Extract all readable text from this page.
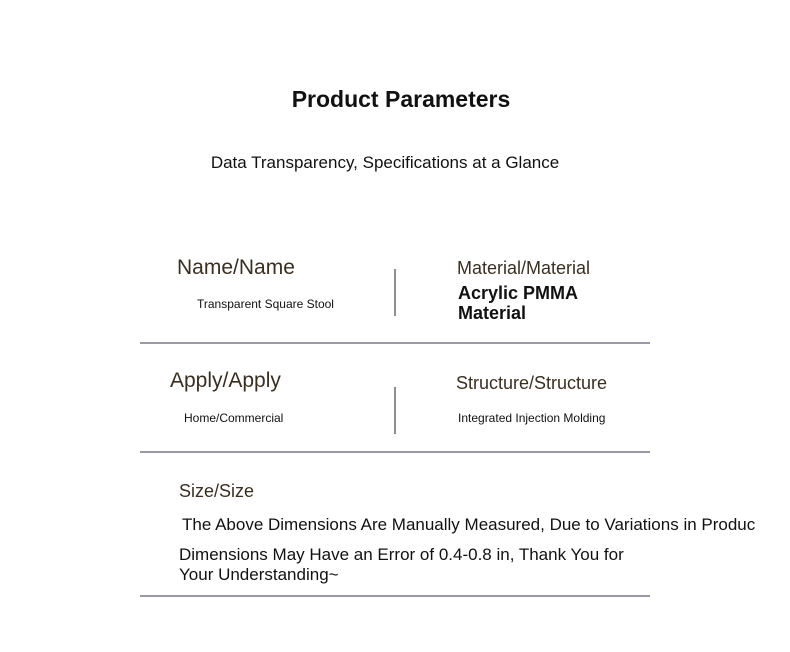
Product Parameters
Data Transparency, Specifications at a Glance
Name/Name
Transparent Square Stool
Material/Material
Acrylic PMMA
Material
Apply/Apply
Home/Commercial
Structure/Structure
Integrated Injection Molding
Size/Size
The Above Dimensions Are Manually Measured, Due to Variations in Produc
Dimensions May Have an Error of 0.4-0.8 in, Thank You for
Your Understanding~
